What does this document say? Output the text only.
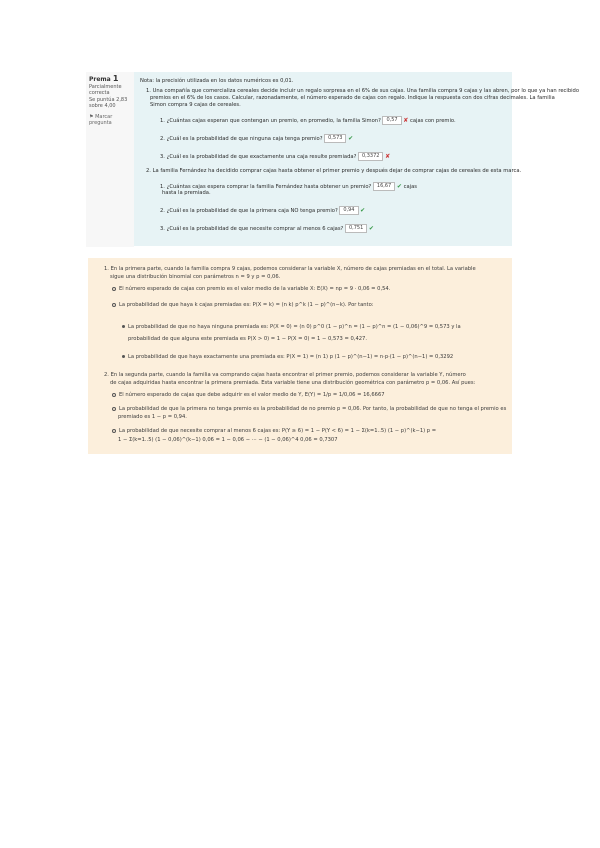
Prema 1
Parcialmente correcta
Se puntúa 2,83 sobre 4,00
⚑ Marcar pregunta
Nota: la precisión utilizada en los datos numéricos es 0,01.
1. Una compañía que comercializa cereales decide incluir un regalo sorpresa en el 6% de sus cajas. Una familia compra 9 cajas y las abren, por lo que ya han recibido
premios en el 6% de los casos. Calcular, razonadamente, el número esperado de cajas con regalo. Indique la respuesta con dos cifras decimales. La familia
Simon compra 9 cajas de cereales.
1. ¿Cuántas cajas esperan que contengan un premio, en promedio, la familia Simon? 0,57 ✘ cajas con premio.
2. ¿Cuál es la probabilidad de que ninguna caja tenga premio? 0,573 ✔
3. ¿Cuál es la probabilidad de que exactamente una caja resulte premiada? 0,3372 ✘
2. La familia Fernández ha decidido comprar cajas hasta obtener el primer premio y después dejar de comprar cajas de cereales de esta marca.
1. ¿Cuántas cajas espera comprar la familia Fernández hasta obtener un premio? 16,67 ✔ cajas
hasta la premiada.
2. ¿Cuál es la probabilidad de que la primera caja NO tenga premio? 0,94 ✔
3. ¿Cuál es la probabilidad de que necesite comprar al menos 6 cajas? 0,751 ✔
1. En la primera parte, cuando la familia compra 9 cajas, podemos considerar la variable X, número de cajas premiadas en el total. La variable
sigue una distribución binomial con parámetros n = 9 y p = 0,06.
El número esperado de cajas con premio es el valor medio de la variable X: E(X) = np = 9 · 0,06 = 0,54.
La probabilidad de que haya k cajas premiadas es: P(X = k) = (n k) p^k (1 − p)^(n−k). Por tanto:
La probabilidad de que no haya ninguna premiada es: P(X = 0) = (n 0) p^0 (1 − p)^n = (1 − p)^n = (1 − 0,06)^9 = 0,573 y la
probabilidad de que alguna este premiada es P(X > 0) = 1 − P(X = 0) = 1 − 0,573 = 0,427.
La probabilidad de que haya exactamente una premiada es: P(X = 1) = (n 1) p (1 − p)^(n−1) = n·p·(1 − p)^(n−1) = 0,3292
2. En la segunda parte, cuando la familia va comprando cajas hasta encontrar el primer premio, podemos considerar la variable Y, número
de cajas adquiridas hasta encontrar la primera premiada. Esta variable tiene una distribución geométrica con parámetro p = 0,06. Así pues:
El número esperado de cajas que debe adquirir es el valor medio de Y, E(Y) = 1/p = 1/0,06 = 16,6667
La probabilidad de que la primera no tenga premio es la probabilidad de no premio p = 0,06. Por tanto, la probabilidad de que no tenga el premio es
premiado es 1 − p = 0,94.
La probabilidad de que necesite comprar al menos 6 cajas es: P(Y ≥ 6) = 1 − P(Y < 6) = 1 − Σ(k=1..5) (1 − p)^(k−1) p =
1 − Σ(k=1..5) (1 − 0,06)^(k−1) 0,06 = 1 − 0,06 − ··· − (1 − 0,06)^4 0,06 = 0,7307
